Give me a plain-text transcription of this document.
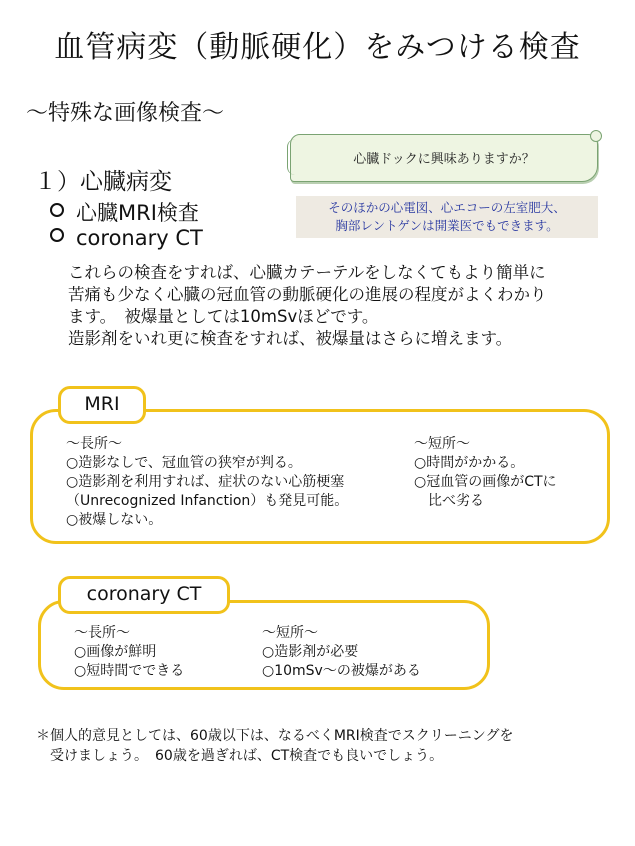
血管病変（動脈硬化）をみつける検査
〜特殊な画像検査〜
１）心臓病変
心臓MRI検査
coronary CT
心臓ドックに興味ありますか？
そのほかの心電図、心エコーの左室肥大、
胸部レントゲンは開業医でもできます。

これらの検査をすれば、心臓カテーテルをしなくてもより簡単に

苦痛も少なく心臓の冠血管の動脈硬化の進展の程度がよくわかり

ます。　被爆量としては10mSvほどです。

造影剤をいれ更に検査をすれば、被爆量はさらに増えます。

MRI
〜長所〜
○造影なしで、冠血管の狭窄が判る。
○造影剤を利用すれば、症状のない心筋梗塞
（Unrecognized Infanction）も発見可能。
○被爆しない。
〜短所〜
○時間がかかる。
○冠血管の画像がCTに
　比べ劣る
coronary CT
〜長所〜
○画像が鮮明
○短時間でできる
〜短所〜
○造影剤が必要
○10mSv〜の被爆がある

＊個人的意見としては、60歳以下は、なるべくMRI検査でスクリーニングを

　受けましょう。　60歳を過ぎれば、CT検査でも良いでしょう。
